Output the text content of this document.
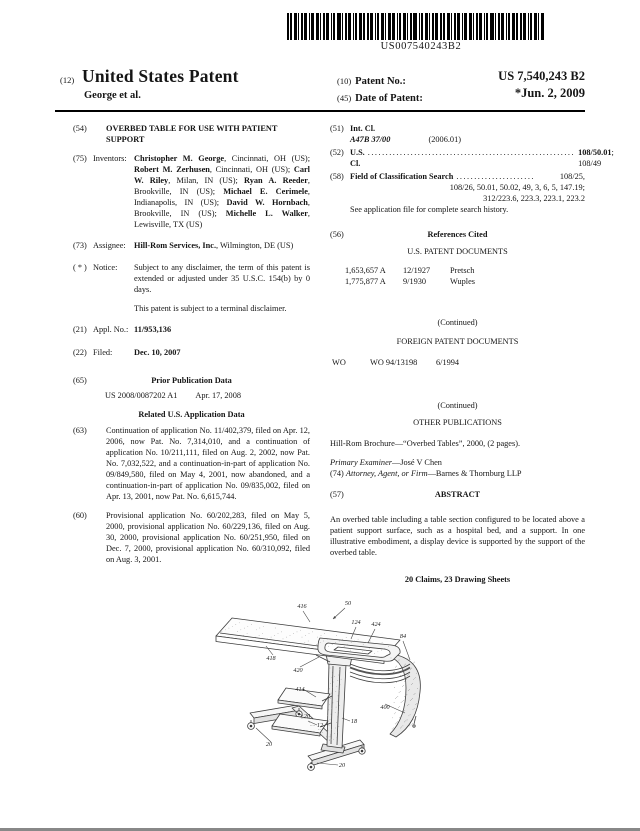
US007540243B2
(12) United States Patent
George et al.
(10) Patent No.:	US 7,540,243 B2
(45) Date of Patent:	*Jun. 2, 2009
(54)	OVERBED TABLE FOR USE WITH PATIENT SUPPORT
(75) Inventors: Christopher M. George, Cincinnati, OH (US); Robert M. Zerhusen, Cincinnati, OH (US); Carl W. Riley, Milan, IN (US); Ryan A. Reeder, Brookville, IN (US); Michael E. Cerimele, Indianapolis, IN (US); David W. Hornbach, Brookville, IN (US); Michelle L. Walker, Lewisville, TX (US)
(73) Assignee: Hill-Rom Services, Inc., Wilmington, DE (US)
( * ) Notice:	Subject to any disclaimer, the term of this patent is extended or adjusted under 35 U.S.C. 154(b) by 0 days.
This patent is subject to a terminal disclaimer.
(21) Appl. No.: 11/953,136
(22) Filed:	Dec. 10, 2007
(65)	Prior Publication Data
US 2008/0087202 A1 Apr. 17, 2008
Related U.S. Application Data
(63)	Continuation of application No. 11/402,379, filed on Apr. 12, 2006, now Pat. No. 7,314,010, and a continuation of application No. 10/211,111, filed on Aug. 2, 2002, now Pat. No. 7,032,522, and a continuation-in-part of application No. 09/849,580, filed on May 4, 2001, now abandoned, and a continuation-in-part of application No. 09/835,002, filed on Apr. 13, 2001, now Pat. No. 6,615,744.
(60)	Provisional application No. 60/202,283, filed on May 5, 2000, provisional application No. 60/229,136, filed on Aug. 30, 2000, provisional application No. 60/251,950, filed on Dec. 7, 2000, provisional application No. 60/310,092, filed on Aug. 3, 2001.
(51) Int. Cl.
A47B 37/00	(2006.01)
(52) U.S. Cl.
.......................................................... 108/50.01; 108/49
(58) Field of Classification Search ......................	108/25,
108/26, 50.01, 50.02, 49, 3, 6, 5, 147.19;
312/223.6, 223.3, 223.1, 223.2
See application file for complete search history.
(56)	References Cited
U.S. PATENT DOCUMENTS
1,653,657 A	12/1927	Pretsch
1,775,877 A	9/1930	Wuples
(Continued)
FOREIGN PATENT DOCUMENTS
WO	WO 94/13198	6/1994
(Continued)
OTHER PUBLICATIONS
Hill-Rom Brochure—“Overbed Tables”, 2000, (2 pages).
Primary Examiner—José V Chen
(74) Attorney, Agent, or Firm—Barnes & Thornburg LLP
(57)	ABSTRACT
An overbed table including a table section configured to be located above a patient support surface, such as a hospital bed, and a support. In one illustrative embodiment, a display device is supported by the support of the overbed table.
20 Claims, 23 Drawing Sheets
50
416
124 424
84
418
420
414
400
18
12
20
20
20
